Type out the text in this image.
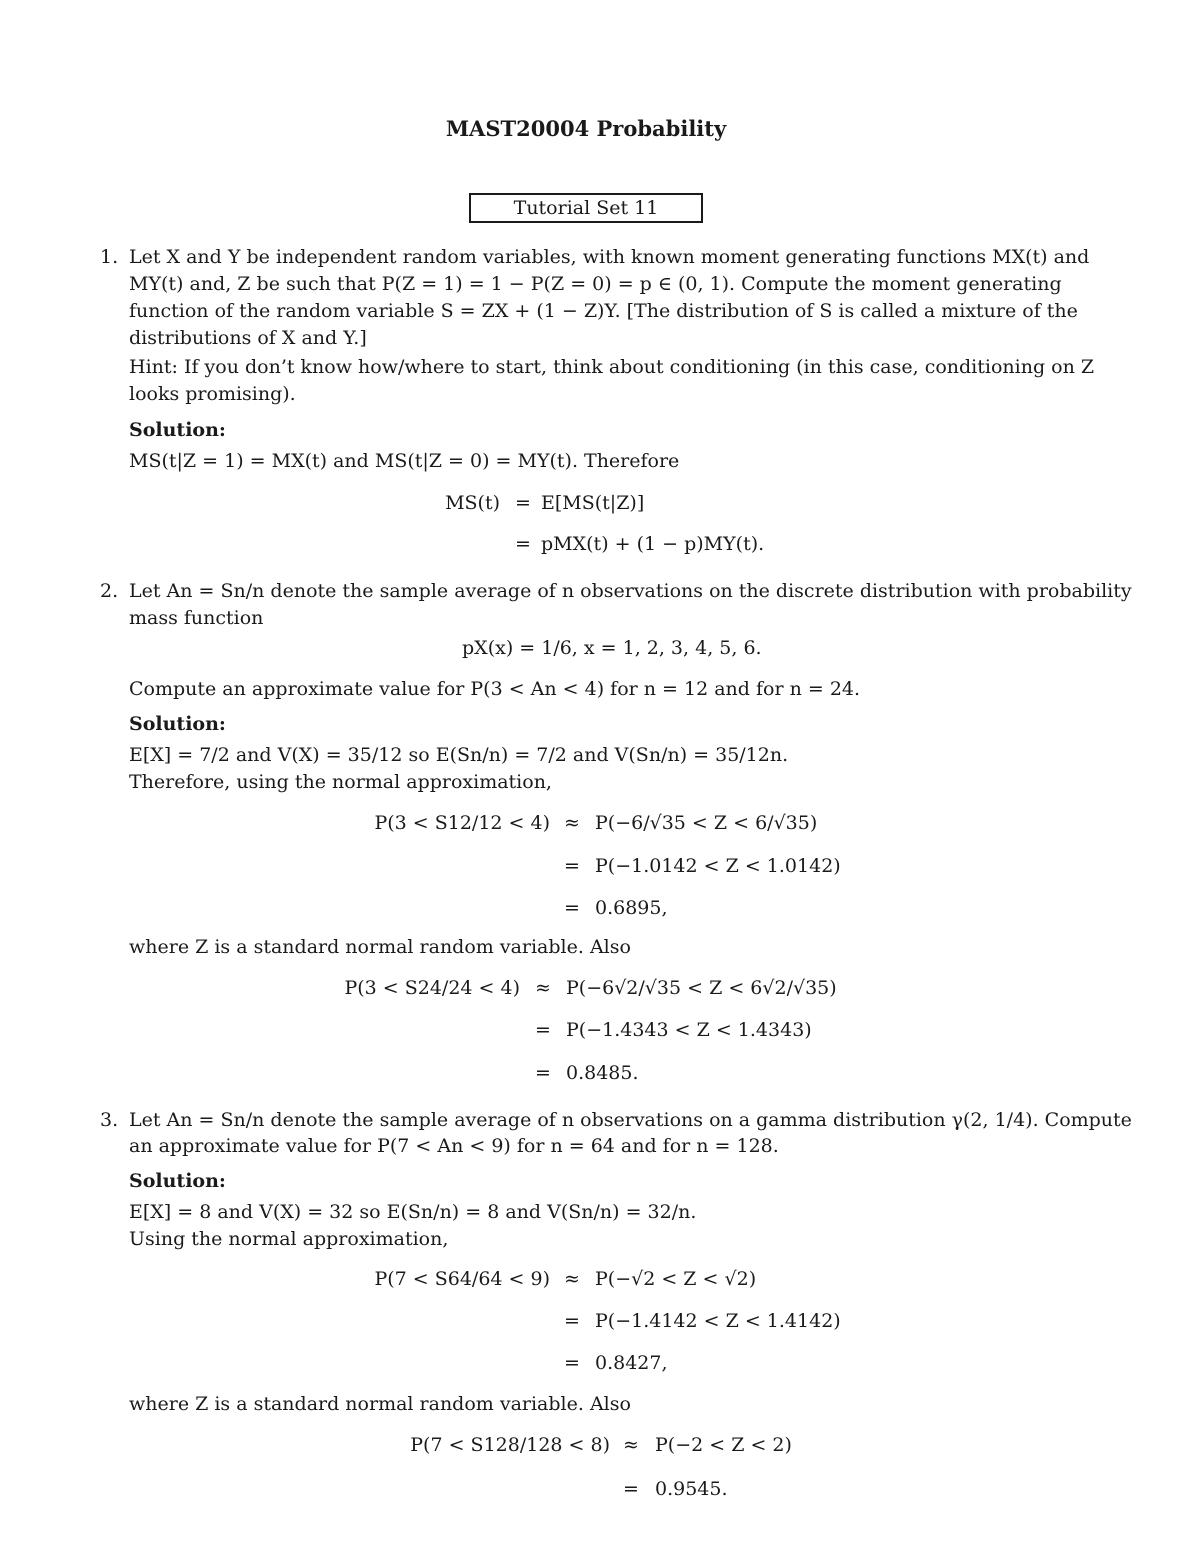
MAST20004 Probability
Tutorial Set 11
1. Let X and Y be independent random variables, with known moment generating functions MX(t) and
MY(t) and, Z be such that P(Z = 1) = 1 − P(Z = 0) = p ∈ (0, 1). Compute the moment generating
function of the random variable S = ZX + (1 − Z)Y. [The distribution of S is called a mixture of the
distributions of X and Y.]
Hint: If you don’t know how/where to start, think about conditioning (in this case, conditioning on Z
looks promising).
Solution:
MS(t|Z = 1) = MX(t) and MS(t|Z = 0) = MY(t). Therefore
MS(t) = E[MS(t|Z)]
= pMX(t) + (1 − p)MY(t).
2. Let An = Sn/n denote the sample average of n observations on the discrete distribution with probability
mass function
pX(x) = 1/6, x = 1, 2, 3, 4, 5, 6.
Compute an approximate value for P(3 < An < 4) for n = 12 and for n = 24.
Solution:
E[X] = 7/2 and V(X) = 35/12 so E(Sn/n) = 7/2 and V(Sn/n) = 35/12n.
Therefore, using the normal approximation,
P(3 < S12/12 < 4) ≈ P(−6/√35 < Z < 6/√35)
= P(−1.0142 < Z < 1.0142)
= 0.6895,
where Z is a standard normal random variable. Also
P(3 < S24/24 < 4) ≈ P(−6√2/√35 < Z < 6√2/√35)
= P(−1.4343 < Z < 1.4343)
= 0.8485.
3. Let An = Sn/n denote the sample average of n observations on a gamma distribution γ(2, 1/4). Compute
an approximate value for P(7 < An < 9) for n = 64 and for n = 128.
Solution:
E[X] = 8 and V(X) = 32 so E(Sn/n) = 8 and V(Sn/n) = 32/n.
Using the normal approximation,
P(7 < S64/64 < 9) ≈ P(−√2 < Z < √2)
= P(−1.4142 < Z < 1.4142)
= 0.8427,
where Z is a standard normal random variable. Also
P(7 < S128/128 < 8) ≈ P(−2 < Z < 2)
= 0.9545.
